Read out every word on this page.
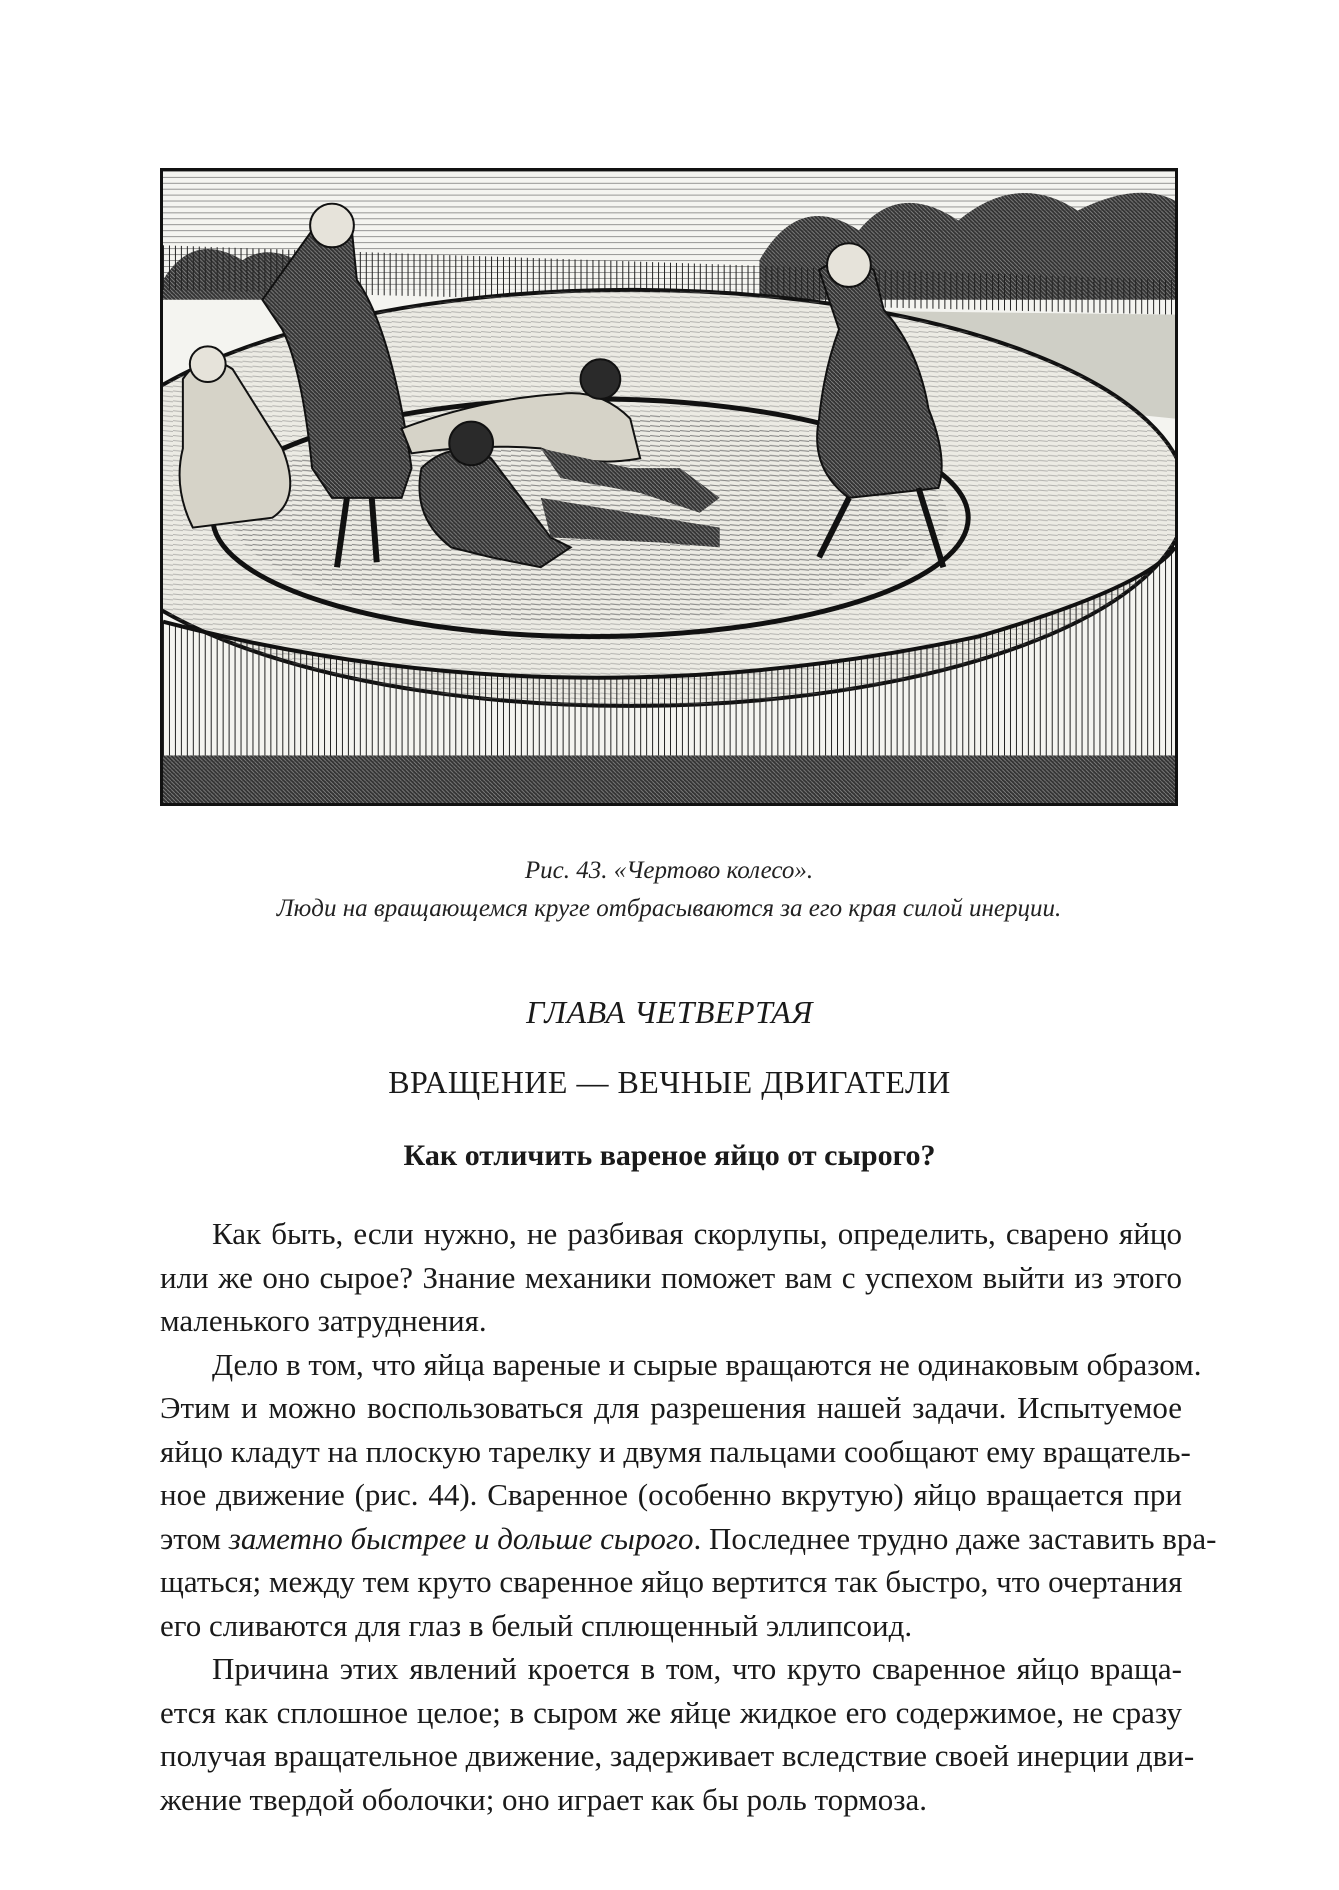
Рис. 43. «Чертово колесо».
Люди на вращающемся круге отбрасываются за его края силой инерции.
ГЛАВА ЧЕТВЕРТАЯ
ВРАЩЕНИЕ — ВЕЧНЫЕ ДВИГАТЕЛИ
Как отличить вареное яйцо от сырого?
Как быть, если нужно, не разбивая скорлупы, определить, сварено яйцо
или же оно сырое? Знание механики поможет вам с успехом выйти из этого
маленького затруднения.
Дело в том, что яйца вареные и сырые вращаются не одинаковым образом.
Этим и можно воспользоваться для разрешения нашей задачи. Испытуемое
яйцо кладут на плоскую тарелку и двумя пальцами сообщают ему вращатель-
ное движение (рис. 44). Сваренное (особенно вкрутую) яйцо вращается при
этом заметно быстрее и дольше сырого. Последнее трудно даже заставить вра-
щаться; между тем круто сваренное яйцо вертится так быстро, что очертания
его сливаются для глаз в белый сплющенный эллипсоид.
Причина этих явлений кроется в том, что круто сваренное яйцо враща-
ется как сплошное целое; в сыром же яйце жидкое его содержимое, не сразу
получая вращательное движение, задерживает вследствие своей инерции дви-
жение твердой оболочки; оно играет как бы роль тормоза.
